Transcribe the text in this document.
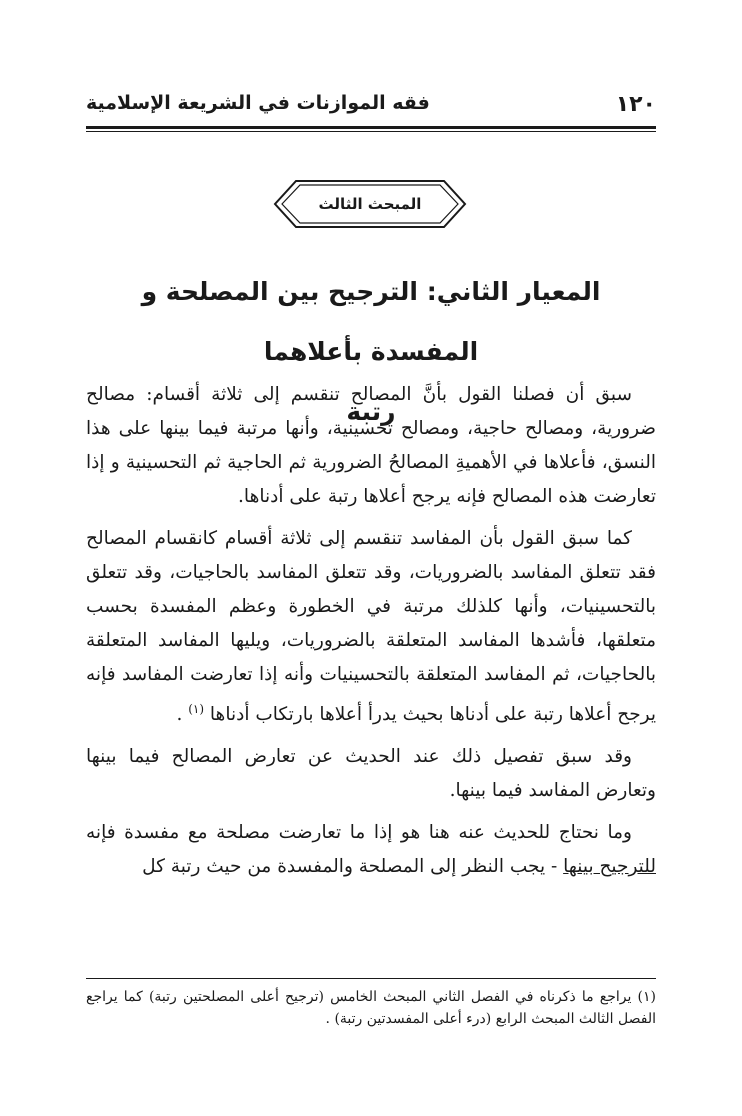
١٢٠
فقه الموازنات في الشريعة الإسلامية
المبحث الثالث
المعيار الثاني: الترجيح بين المصلحة و المفسدة بأعلاهما
رتبة

سبق أن فصلنا القول بأنَّ المصالح تنقسم إلى ثلاثة أقسام: مصالح ضرورية، ومصالح حاجية، ومصالح تحسينية، وأنها مرتبة فيما بينها على هذا النسق، فأعلاها في الأهميةِ المصالحُ الضرورية ثم الحاجية ثم التحسينية و إذا تعارضت هذه المصالح فإنه يرجح أعلاها رتبة على أدناها.

كما سبق القول بأن المفاسد تنقسم إلى ثلاثة أقسام كانقسام المصالح فقد تتعلق المفاسد بالضروريات، وقد تتعلق المفاسد بالحاجيات، وقد تتعلق بالتحسينيات، وأنها كلذلك مرتبة في الخطورة وعظم المفسدة بحسب متعلقها، فأشدها المفاسد المتعلقة بالضروريات، ويليها المفاسد المتعلقة بالحاجيات، ثم المفاسد المتعلقة بالتحسينيات وأنه إذا تعارضت المفاسد فإنه يرجح أعلاها رتبة على أدناها بحيث يدرأ أعلاها بارتكاب أدناها $^{(١)}$ .

وقد سبق تفصيل ذلك عند الحديث عن تعارض المصالح فيما بينها وتعارض المفاسد فيما بينها.

وما نحتاج للحديث عنه هنا هو إذا ما تعارضت مصلحة مع مفسدة فإنه للترجيح بينها - يجب النظر إلى المصلحة والمفسدة من حيث رتبة كل

(١) يراجع ما ذكرناه في الفصل الثاني المبحث الخامس (ترجيح أعلى المصلحتين رتبة) كما يراجع الفصل الثالث المبحث الرابع (درء أعلى المفسدتين رتبة) .
